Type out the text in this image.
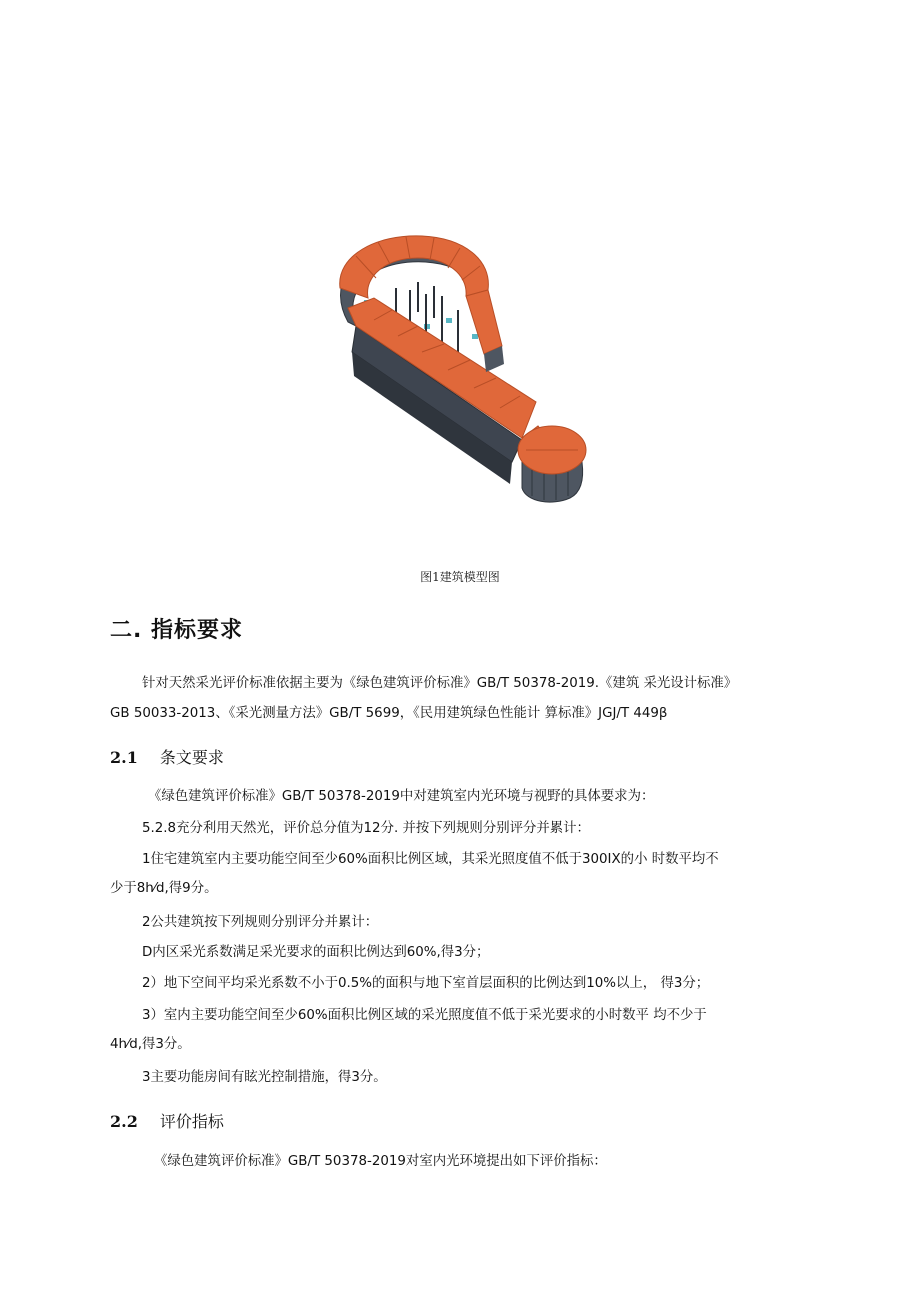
图1建筑模型图
二. 指标要求
针对天然采光评价标准依据主要为《绿色建筑评价标准》GB/T 50378-2019.《建筑 采光设计标准》
GB 50033-2013、《采光测量方法》GB/T 5699，《民用建筑绿色性能计 算标准》JGJ/T 449β
2.1 条文要求
《绿色建筑评价标准》GB/T 50378-2019中对建筑室内光环境与视野的具体要求为：
5.2.8充分利用天然光，评价总分值为12分. 并按下列规则分别评分并累计：
1住宅建筑室内主要功能空间至少60%面积比例区域，其采光照度值不低于300IX的小 时数平均不
少于8h⁄d,得9分。
2公共建筑按下列规则分别评分并累计：
D内区采光系数满足采光要求的面积比例达到60%,得3分；
2）地下空间平均采光系数不小于0.5%的面积与地下室首层面积的比例达到10%以上， 得3分；
3）室内主要功能空间至少60%面积比例区域的采光照度值不低于采光要求的小时数平 均不少于
4h⁄d,得3分。
3主要功能房间有眩光控制措施，得3分。
2.2 评价指标
《绿色建筑评价标准》GB/T 50378-2019对室内光环境提出如下评价指标：
